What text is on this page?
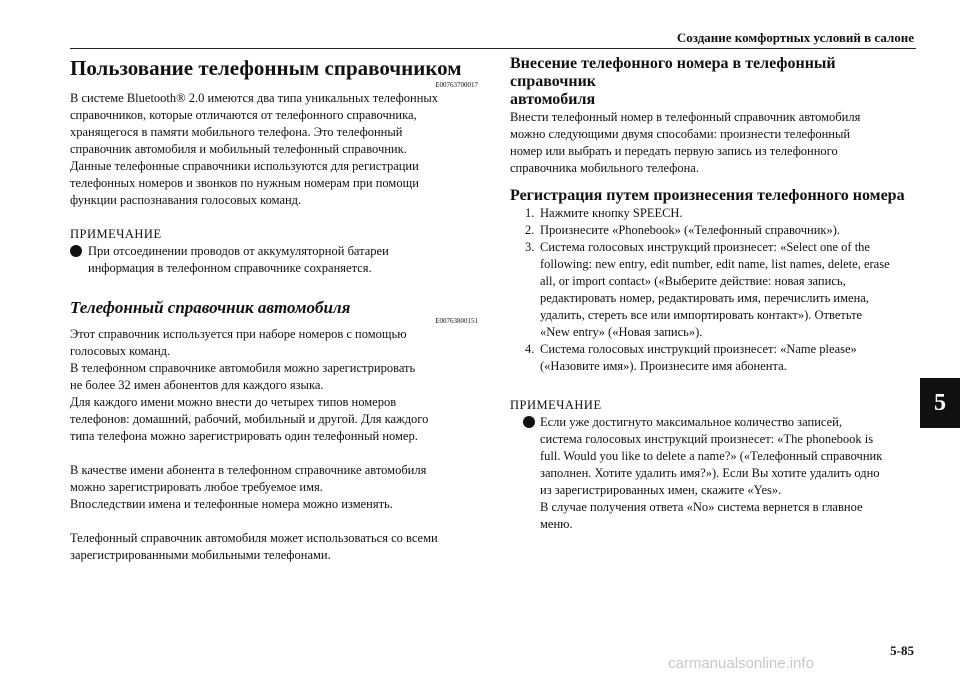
Создание комфортных условий в салоне
5
Пользование телефонным справочником

E00763700017

В системе Bluetooth® 2.0 имеются два типа уникальных телефонных

справочников, которые отличаются от телефонного справочника,

хранящегося в памяти мобильного телефона. Это телефонный

справочник автомобиля и мобильный телефонный справочник.

Данные телефонные справочники используются для регистрации

телефонных номеров и звонков по нужным номерам при помощи

функции распознавания голосовых команд.

ПРИМЕЧАНИЕ

При отсоединении проводов от аккумуляторной батареи
информация в телефонном справочнике сохраняется.
Телефонный справочник автомобиля

E00763800151

Этот справочник используется при наборе номеров с помощью

голосовых команд.

В телефонном справочнике автомобиля можно зарегистрировать

не более 32 имен абонентов для каждого языка.

Для каждого имени можно внести до четырех типов номеров

телефонов: домашний, рабочий, мобильный и другой. Для каждого

типа телефона можно зарегистрировать один телефонный номер.

В качестве имени абонента в телефонном справочнике автомобиля

можно зарегистрировать любое требуемое имя.

Впоследствии имена и телефонные номера можно изменять.

Телефонный справочник автомобиля может использоваться со всеми

зарегистрированными мобильными телефонами.

Внесение телефонного номера в телефонный справочник
автомобиля

Внести телефонный номер в телефонный справочник автомобиля

можно следующими двумя способами: произнести телефонный

номер или выбрать и передать первую запись из телефонного

справочника мобильного телефона.

Регистрация путем произнесения телефонного номера
1. Нажмите кнопку SPEECH.
2. Произнесите «Phonebook» («Телефонный справочник»).
3. Система голосовых инструкций произнесет: «Select one of the
following: new entry, edit number, edit name, list names, delete, erase
all, or import contact» («Выберите действие: новая запись,
редактировать номер, редактировать имя, перечислить имена,
удалить, стереть все или импортировать контакт»). Ответьте
«New entry» («Новая запись»).
4. Система голосовых инструкций произнесет: «Name please»
(«Назовите имя»). Произнесите имя абонента.

ПРИМЕЧАНИЕ

Если уже достигнуто максимальное количество записей,
система голосовых инструкций произнесет: «The phonebook is
full. Would you like to delete a name?» («Телефонный справочник
заполнен. Хотите удалить имя?»). Если Вы хотите удалить одно
из зарегистрированных имен, скажите «Yes».
В случае получения ответа «No» система вернется в главное
меню.
5-85
carmanualsonline.info
